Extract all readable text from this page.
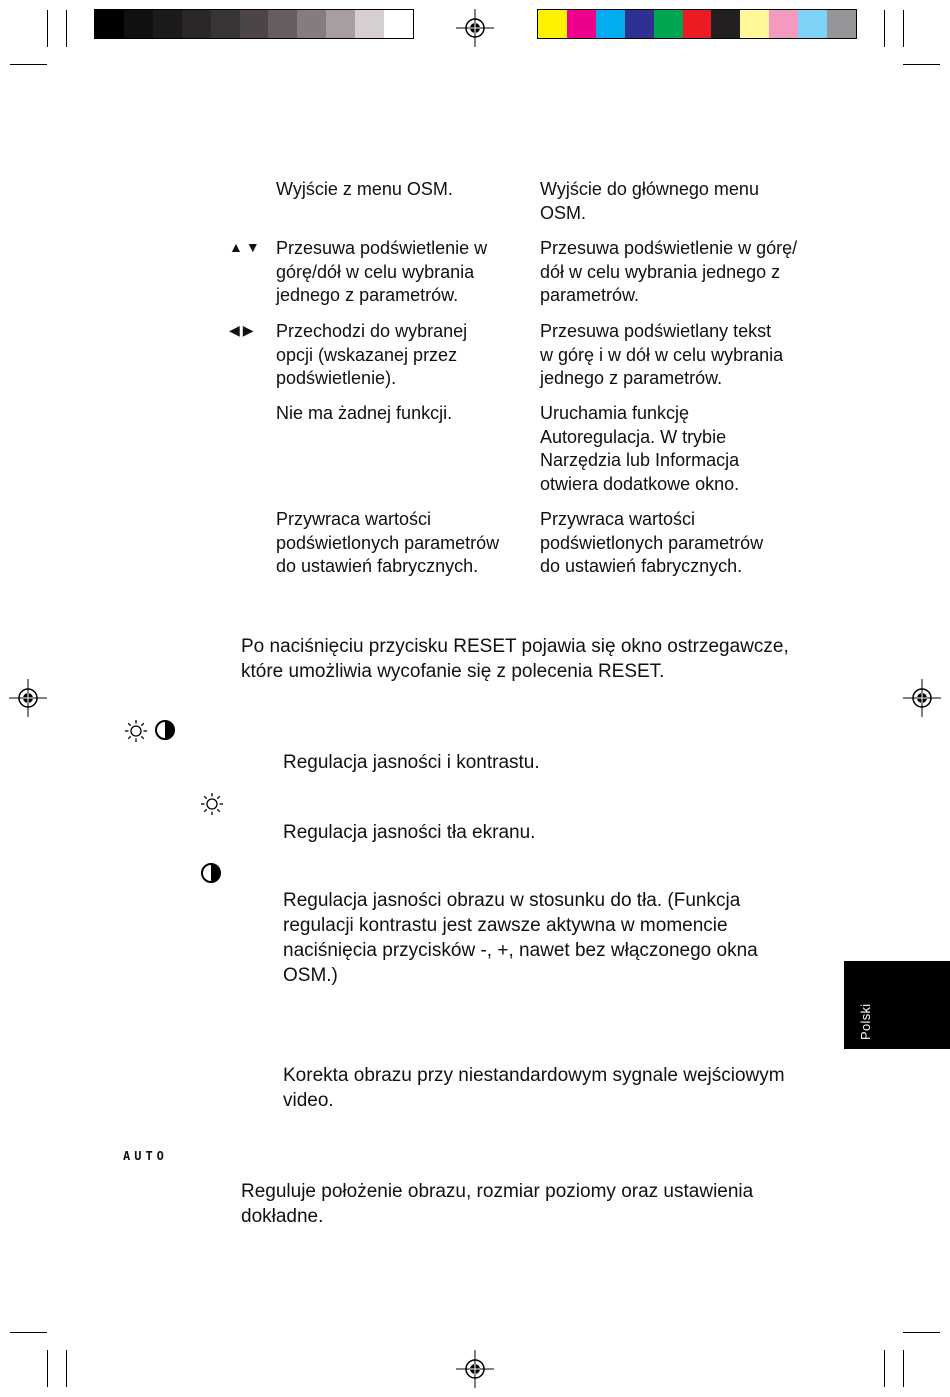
Wyjście z menu OSM.	Wyjście do głównego menu
OSM.
▲▼ Przesuwa podświetlenie w
górę/dół w celu wybrania
jednego z parametrów.
Przesuwa podświetlenie w górę/
dół w celu wybrania jednego z
parametrów.
◀▶ Przechodzi do wybranej
opcji (wskazanej przez
podświetlenie).
Przesuwa podświetlany tekst
w górę i w dół w celu wybrania
jednego z parametrów.
Nie ma żadnej funkcji.	Uruchamia funkcję
Autoregulacja. W trybie
Narzędzia lub Informacja
otwiera dodatkowe okno.
Przywraca wartości
podświetlonych parametrów
do ustawień fabrycznych.
Przywraca wartości
podświetlonych parametrów
do ustawień fabrycznych.
Po naciśnięciu przycisku RESET pojawia się okno ostrzegawcze,
które umożliwia wycofanie się z polecenia RESET.
Regulacja jasności i kontrastu.
Regulacja jasności tła ekranu.
Regulacja jasności obrazu w stosunku do tła. (Funkcja
regulacji kontrastu jest zawsze aktywna w momencie
naciśnięcia przycisków -, +, nawet bez włączonego okna
OSM.)
Korekta obrazu przy niestandardowym sygnale wejściowym
video.
AUTO
Reguluje położenie obrazu, rozmiar poziomy oraz ustawienia
dokładne.
Polski
